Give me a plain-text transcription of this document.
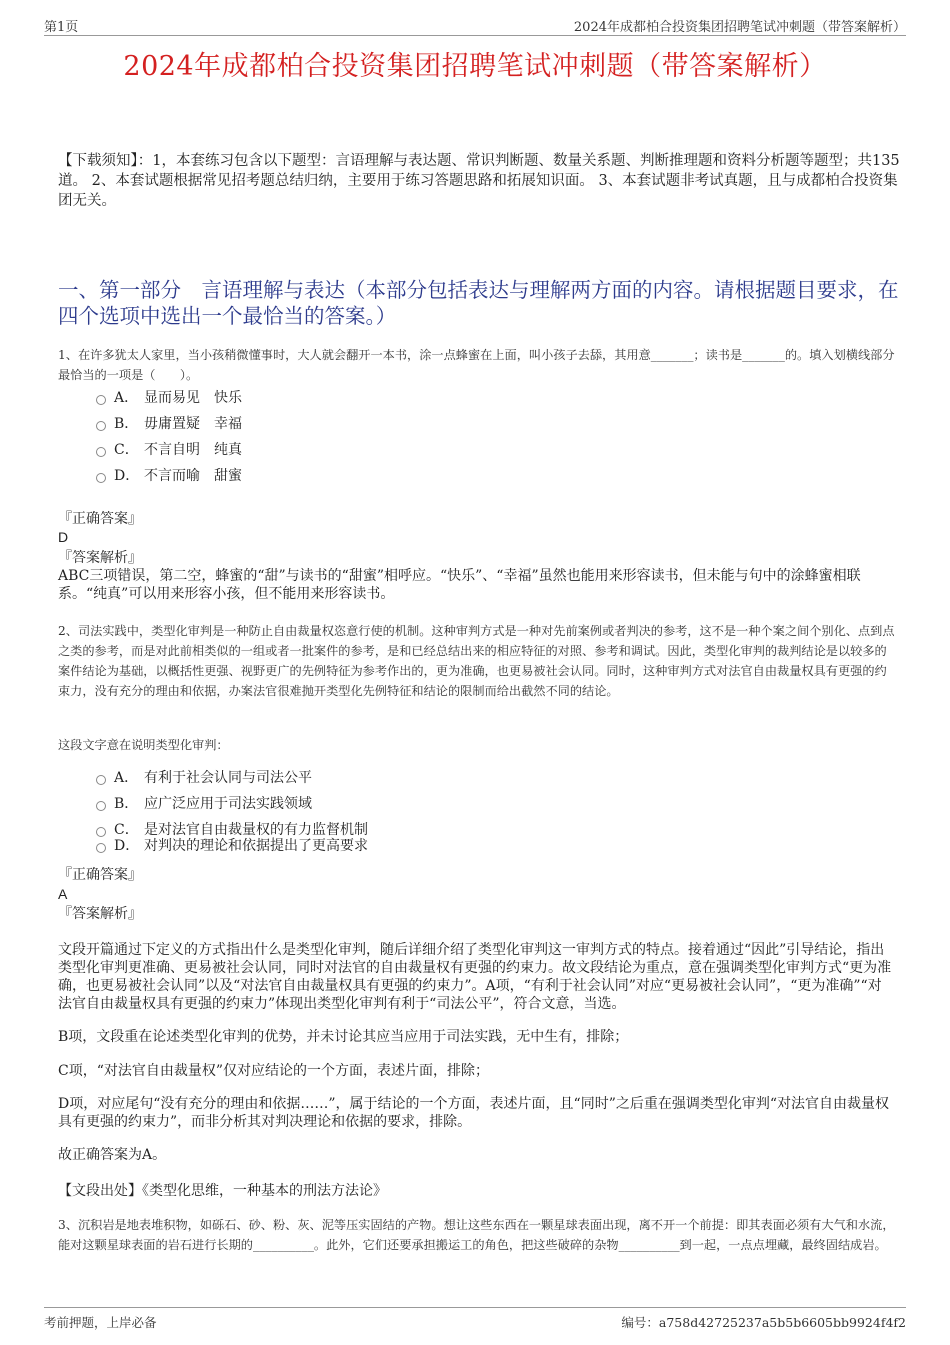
第1页	2024年成都柏合投资集团招聘笔试冲刺题（带答案解析）
2024年成都柏合投资集团招聘笔试冲刺题（带答案解析）
【下载须知】：1，本套练习包含以下题型：言语理解与表达题、常识判断题、数量关系题、判断推理题和资料分析题等题型；共135道。 2、本套试题根据常见招考题总结归纳，主要用于练习答题思路和拓展知识面。 3、本套试题非考试真题，且与成都柏合投资集团无关。
一、第一部分　言语理解与表达（本部分包括表达与理解两方面的内容。请根据题目要求，在四个选项中选出一个最恰当的答案。）
1、在许多犹太人家里，当小孩稍微懂事时，大人就会翻开一本书，涂一点蜂蜜在上面，叫小孩子去舔，其用意_______；读书是_______的。填入划横线部分最恰当的一项是（　　）。
A． 显而易见　快乐
B． 毋庸置疑　幸福
C． 不言自明　纯真
D． 不言而喻　甜蜜
『正确答案』
D
『答案解析』
ABC三项错误，第二空，蜂蜜的“甜”与读书的“甜蜜”相呼应。“快乐”、“幸福”虽然也能用来形容读书，但未能与句中的涂蜂蜜相联系。“纯真”可以用来形容小孩，但不能用来形容读书。
2、司法实践中，类型化审判是一种防止自由裁量权恣意行使的机制。这种审判方式是一种对先前案例或者判决的参考，这不是一种个案之间个别化、点到点之类的参考，而是对此前相类似的一组或者一批案件的参考，是和已经总结出来的相应特征的对照、参考和调试。因此，类型化审判的裁判结论是以较多的案件结论为基础，以概括性更强、视野更广的先例特征为参考作出的，更为准确，也更易被社会认同。同时，这种审判方式对法官自由裁量权具有更强的约束力，没有充分的理由和依据，办案法官很难抛开类型化先例特征和结论的限制而给出截然不同的结论。
这段文字意在说明类型化审判：
A． 有利于社会认同与司法公平
B． 应广泛应用于司法实践领域
C． 是对法官自由裁量权的有力监督机制
D． 对判决的理论和依据提出了更高要求
『正确答案』
A
『答案解析』
文段开篇通过下定义的方式指出什么是类型化审判，随后详细介绍了类型化审判这一审判方式的特点。接着通过“因此”引导结论，指出类型化审判更准确、更易被社会认同，同时对法官的自由裁量权有更强的约束力。故文段结论为重点，意在强调类型化审判方式“更为准确，也更易被社会认同”以及“对法官自由裁量权具有更强的约束力”。A项，“有利于社会认同”对应“更易被社会认同”，“更为准确”“对法官自由裁量权具有更强的约束力”体现出类型化审判有利于“司法公平”，符合文意，当选。
B项，文段重在论述类型化审判的优势，并未讨论其应当应用于司法实践，无中生有，排除；
C项，“对法官自由裁量权”仅对应结论的一个方面，表述片面，排除；
D项，对应尾句“没有充分的理由和依据……”，属于结论的一个方面，表述片面，且“同时”之后重在强调类型化审判“对法官自由裁量权具有更强的约束力”，而非分析其对判决理论和依据的要求，排除。
故正确答案为A。
【文段出处】《类型化思维，一种基本的刑法方法论》
3、沉积岩是地表堆积物，如砾石、砂、粉、灰、泥等压实固结的产物。想让这些东西在一颗星球表面出现，离不开一个前提：即其表面必须有大气和水流，能对这颗星球表面的岩石进行长期的__________。此外，它们还要承担搬运工的角色，把这些破碎的杂物__________到一起，一点点埋藏，最终固结成岩。
考前押题，上岸必备	编号：a758d42725237a5b5b6605bb9924f4f2
